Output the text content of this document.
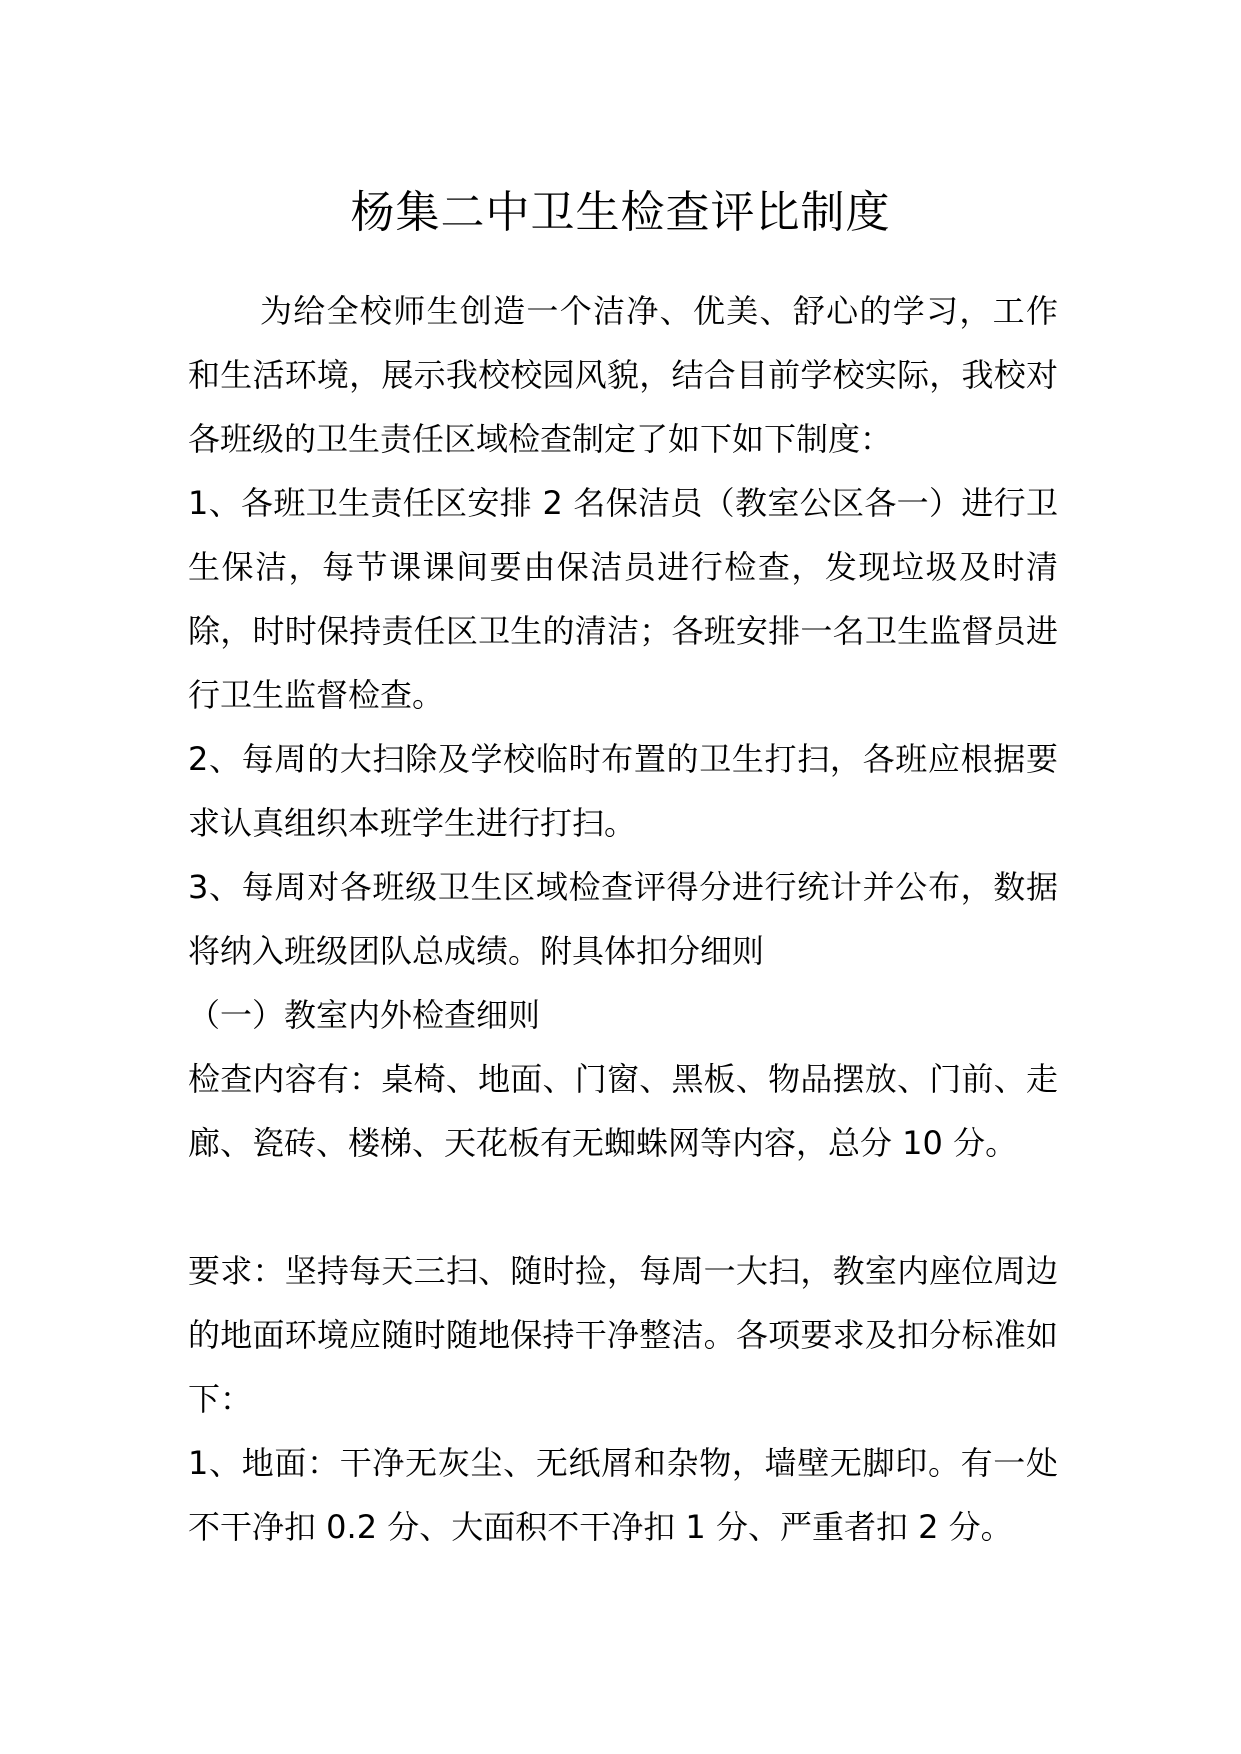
杨集二中卫生检查评比制度

为给全校师生创造一个洁净、优美、舒心的学习，工作和生活环境，展示我校校园风貌，结合目前学校实际，我校对各班级的卫生责任区域检查制定了如下如下制度：

1、各班卫生责任区安排 2 名保洁员（教室公区各一）进行卫生保洁，每节课课间要由保洁员进行检查，发现垃圾及时清除，时时保持责任区卫生的清洁；各班安排一名卫生监督员进行卫生监督检查。

2、每周的大扫除及学校临时布置的卫生打扫，各班应根据要求认真组织本班学生进行打扫。

3、每周对各班级卫生区域检查评得分进行统计并公布，数据将纳入班级团队总成绩。附具体扣分细则

（一）教室内外检查细则

检查内容有：桌椅、地面、门窗、黑板、物品摆放、门前、走廊、瓷砖、楼梯、天花板有无蜘蛛网等内容，总分 10 分。

要求：坚持每天三扫、随时捡，每周一大扫，教室内座位周边的地面环境应随时随地保持干净整洁。各项要求及扣分标准如下：

1、地面：干净无灰尘、无纸屑和杂物，墙壁无脚印。有一处不干净扣 0.2 分、大面积不干净扣 1 分、严重者扣 2 分。
